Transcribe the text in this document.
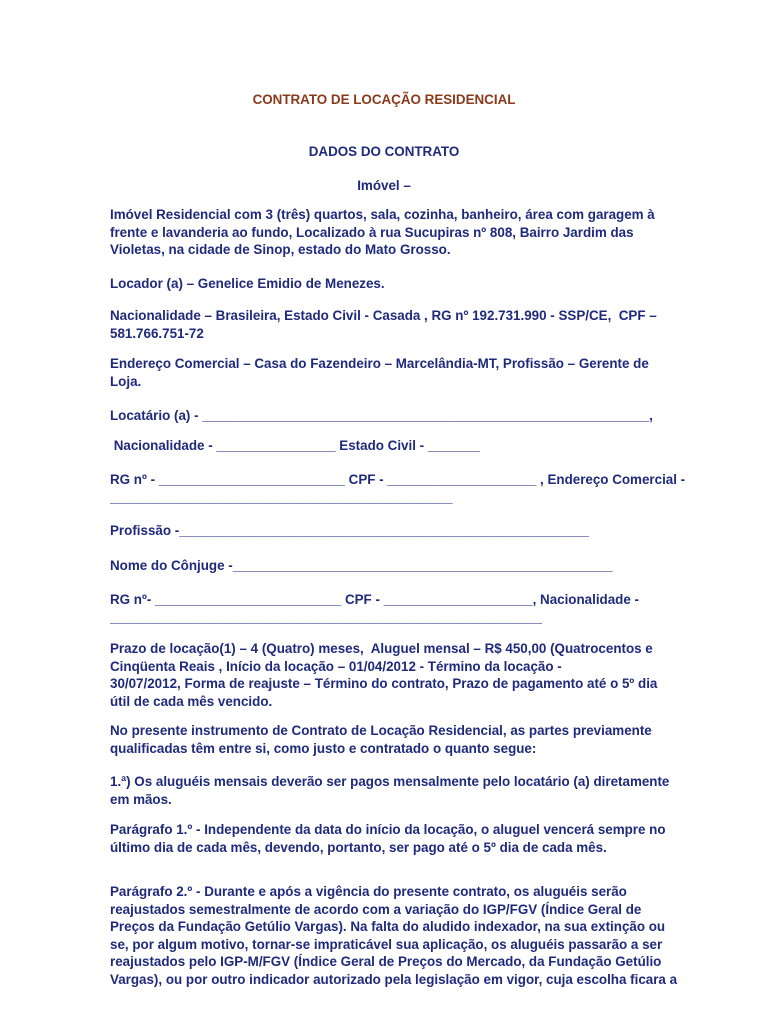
CONTRATO DE LOCAÇÃO RESIDENCIAL
DADOS DO CONTRATO
Imóvel –
Imóvel Residencial com 3 (três) quartos, sala, cozinha, banheiro, área com garagem à
frente e lavanderia ao fundo, Localizado à rua Sucupiras nº 808, Bairro Jardim das
Violetas, na cidade de Sinop, estado do Mato Grosso.
Locador (a) – Genelice Emidio de Menezes.
Nacionalidade – Brasileira, Estado Civil - Casada , RG nº 192.731.990 - SSP/CE,  CPF –
581.766.751-72
Endereço Comercial – Casa do Fazendeiro – Marcelândia-MT, Profissão – Gerente de
Loja.
Locatário (a) - ____________________________________________________________,
Nacionalidade - ________________ Estado Civil - _______
RG nº - _________________________ CPF - ____________________ , Endereço Comercial -
______________________________________________
Profissão -_______________________________________________________
Nome do Cônjuge -___________________________________________________
RG nº- _________________________ CPF - ____________________, Nacionalidade -
__________________________________________________________
Prazo de locação(1) – 4 (Quatro) meses,  Aluguel mensal – R$ 450,00 (Quatrocentos e
Cinqüenta Reais , Início da locação – 01/04/2012 - Término da locação -
30/07/2012, Forma de reajuste – Término do contrato, Prazo de pagamento até o 5º dia
útil de cada mês vencido.
No presente instrumento de Contrato de Locação Residencial, as partes previamente
qualificadas têm entre si, como justo e contratado o quanto segue:
1.ª) Os aluguéis mensais deverão ser pagos mensalmente pelo locatário (a) diretamente
em mãos.
Parágrafo 1.º - Independente da data do início da locação, o aluguel vencerá sempre no
último dia de cada mês, devendo, portanto, ser pago até o 5º dia de cada mês.
Parágrafo 2.º - Durante e após a vigência do presente contrato, os aluguéis serão
reajustados semestralmente de acordo com a variação do IGP/FGV (Índice Geral de
Preços da Fundação Getúlio Vargas). Na falta do aludido indexador, na sua extinção ou
se, por algum motivo, tornar-se impraticável sua aplicação, os aluguéis passarão a ser
reajustados pelo IGP-M/FGV (Índice Geral de Preços do Mercado, da Fundação Getúlio
Vargas), ou por outro indicador autorizado pela legislação em vigor, cuja escolha ficara a
